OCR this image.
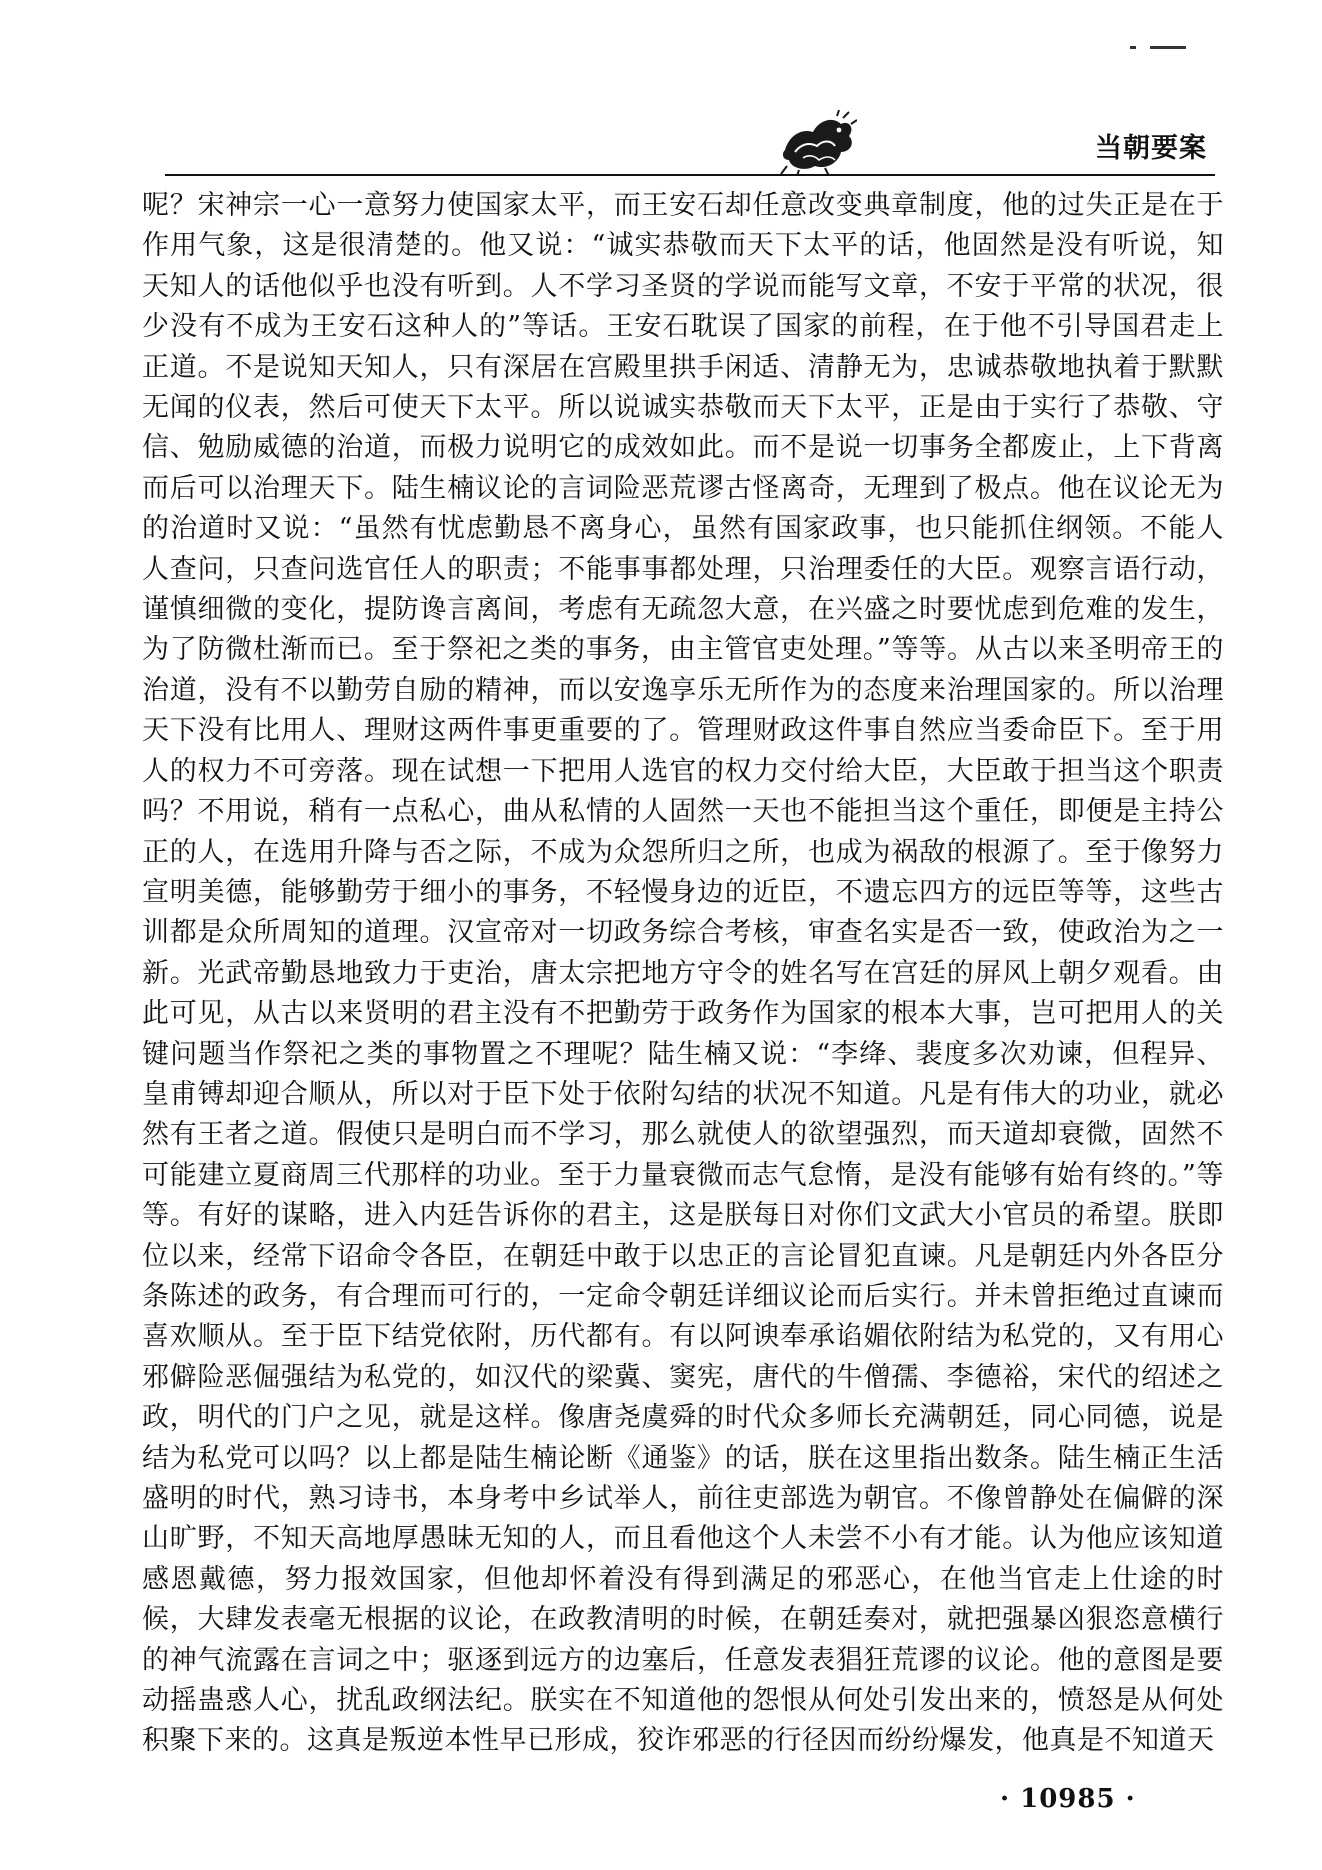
当朝要案

呢？宋神宗一心一意努力使国家太平，而王安石却任意改变典章制度，他的过失正是在于作用气象，这是很清楚的。他又说：“诚实恭敬而天下太平的话，他固然是没有听说，知天知人的话他似乎也没有听到。人不学习圣贤的学说而能写文章，不安于平常的状况，很少没有不成为王安石这种人的”等话。王安石耽误了国家的前程，在于他不引导国君走上正道。不是说知天知人，只有深居在宫殿里拱手闲适、清静无为，忠诚恭敬地执着于默默无闻的仪表，然后可使天下太平。所以说诚实恭敬而天下太平，正是由于实行了恭敬、守信、勉励威德的治道，而极力说明它的成效如此。而不是说一切事务全都废止，上下背离而后可以治理天下。陆生楠议论的言词险恶荒谬古怪离奇，无理到了极点。他在议论无为的治道时又说：“虽然有忧虑勤恳不离身心，虽然有国家政事，也只能抓住纲领。不能人人查问，只查问选官任人的职责；不能事事都处理，只治理委任的大臣。观察言语行动，谨慎细微的变化，提防谗言离间，考虑有无疏忽大意，在兴盛之时要忧虑到危难的发生，为了防微杜渐而已。至于祭祀之类的事务，由主管官吏处理。”等等。从古以来圣明帝王的治道，没有不以勤劳自励的精神，而以安逸享乐无所作为的态度来治理国家的。所以治理天下没有比用人、理财这两件事更重要的了。管理财政这件事自然应当委命臣下。至于用人的权力不可旁落。现在试想一下把用人选官的权力交付给大臣，大臣敢于担当这个职责吗？不用说，稍有一点私心，曲从私情的人固然一天也不能担当这个重任，即便是主持公正的人，在选用升降与否之际，不成为众怨所归之所，也成为祸敌的根源了。至于像努力宣明美德，能够勤劳于细小的事务，不轻慢身边的近臣，不遗忘四方的远臣等等，这些古训都是众所周知的道理。汉宣帝对一切政务综合考核，审查名实是否一致，使政治为之一新。光武帝勤恳地致力于吏治，唐太宗把地方守令的姓名写在宫廷的屏风上朝夕观看。由此可见，从古以来贤明的君主没有不把勤劳于政务作为国家的根本大事，岂可把用人的关键问题当作祭祀之类的事物置之不理呢？陆生楠又说：“李绛、裴度多次劝谏，但程异、皇甫镈却迎合顺从，所以对于臣下处于依附勾结的状况不知道。凡是有伟大的功业，就必然有王者之道。假使只是明白而不学习，那么就使人的欲望强烈，而天道却衰微，固然不可能建立夏商周三代那样的功业。至于力量衰微而志气怠惰，是没有能够有始有终的。”等等。有好的谋略，进入内廷告诉你的君主，这是朕每日对你们文武大小官员的希望。朕即位以来，经常下诏命令各臣，在朝廷中敢于以忠正的言论冒犯直谏。凡是朝廷内外各臣分条陈述的政务，有合理而可行的，一定命令朝廷详细议论而后实行。并未曾拒绝过直谏而喜欢顺从。至于臣下结党依附，历代都有。有以阿谀奉承谄媚依附结为私党的，又有用心邪僻险恶倔强结为私党的，如汉代的梁冀、窦宪，唐代的牛僧孺、李德裕，宋代的绍述之政，明代的门户之见，就是这样。像唐尧虞舜的时代众多师长充满朝廷，同心同德，说是结为私党可以吗？以上都是陆生楠论断《通鉴》的话，朕在这里指出数条。陆生楠正生活盛明的时代，熟习诗书，本身考中乡试举人，前往吏部选为朝官。不像曾静处在偏僻的深山旷野，不知天高地厚愚昧无知的人，而且看他这个人未尝不小有才能。认为他应该知道感恩戴德，努力报效国家，但他却怀着没有得到满足的邪恶心，在他当官走上仕途的时候，大肆发表毫无根据的议论，在政教清明的时候，在朝廷奏对，就把强暴凶狠恣意横行的神气流露在言词之中；驱逐到远方的边塞后，任意发表猖狂荒谬的议论。他的意图是要动摇蛊惑人心，扰乱政纲法纪。朕实在不知道他的怨恨从何处引发出来的，愤怒是从何处积聚下来的。这真是叛逆本性早已形成，狡诈邪恶的行径因而纷纷爆发，他真是不知道天

· 10985 ·
